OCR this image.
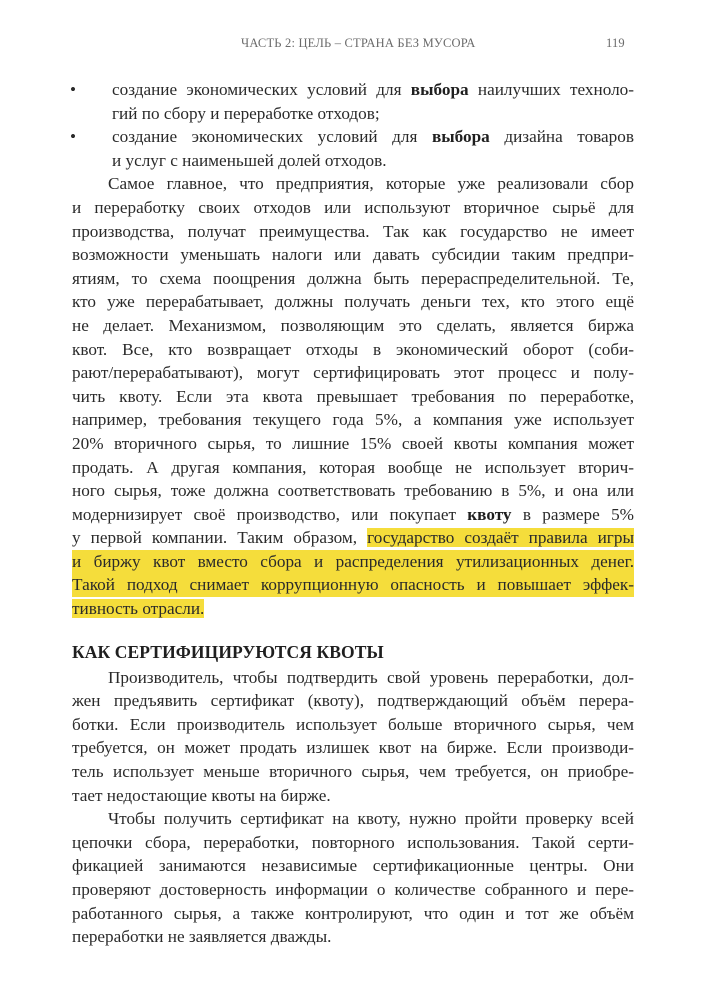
ЧАСТЬ 2: ЦЕЛЬ – СТРАНА БЕЗ МУСОРА	119
•	создание экономических условий для выбора наилучших техноло-
гий по сбору и переработке отходов;
•	создание экономических условий для выбора дизайна товаров
и услуг с наименьшей долей отходов.
Самое главное, что предприятия, которые уже реализовали сбор
и переработку своих отходов или используют вторичное сырьё для
производства, получат преимущества. Так как государство не имеет
возможности уменьшать налоги или давать субсидии таким предпри-
ятиям, то схема поощрения должна быть перераспределительной. Те,
кто уже перерабатывает, должны получать деньги тех, кто этого ещё
не делает. Механизмом, позволяющим это сделать, является биржа
квот. Все, кто возвращает отходы в экономический оборот (соби-
рают/перерабатывают), могут сертифицировать этот процесс и полу-
чить квоту. Если эта квота превышает требования по переработке,
например, требования текущего года 5%, а компания уже использует
20% вторичного сырья, то лишние 15% своей квоты компания может
продать. А другая компания, которая вообще не использует вторич-
ного сырья, тоже должна соответствовать требованию в 5%, и она или
модернизирует своё производство, или покупает квоту в размере 5%
у первой компании. Таким образом, государство создаёт правила игры
и биржу квот вместо сбора и распределения утилизационных денег.
Такой подход снимает коррупционную опасность и повышает эффек-
тивность отрасли.
КАК СЕРТИФИЦИРУЮТСЯ КВОТЫ
Производитель, чтобы подтвердить свой уровень переработки, дол-
жен предъявить сертификат (квоту), подтверждающий объём перера-
ботки. Если производитель использует больше вторичного сырья, чем
требуется, он может продать излишек квот на бирже. Если производи-
тель использует меньше вторичного сырья, чем требуется, он приобре-
тает недостающие квоты на бирже.
Чтобы получить сертификат на квоту, нужно пройти проверку всей
цепочки сбора, переработки, повторного использования. Такой серти-
фикацией занимаются независимые сертификационные центры. Они
проверяют достоверность информации о количестве собранного и пере-
работанного сырья, а также контролируют, что один и тот же объём
переработки не заявляется дважды.
